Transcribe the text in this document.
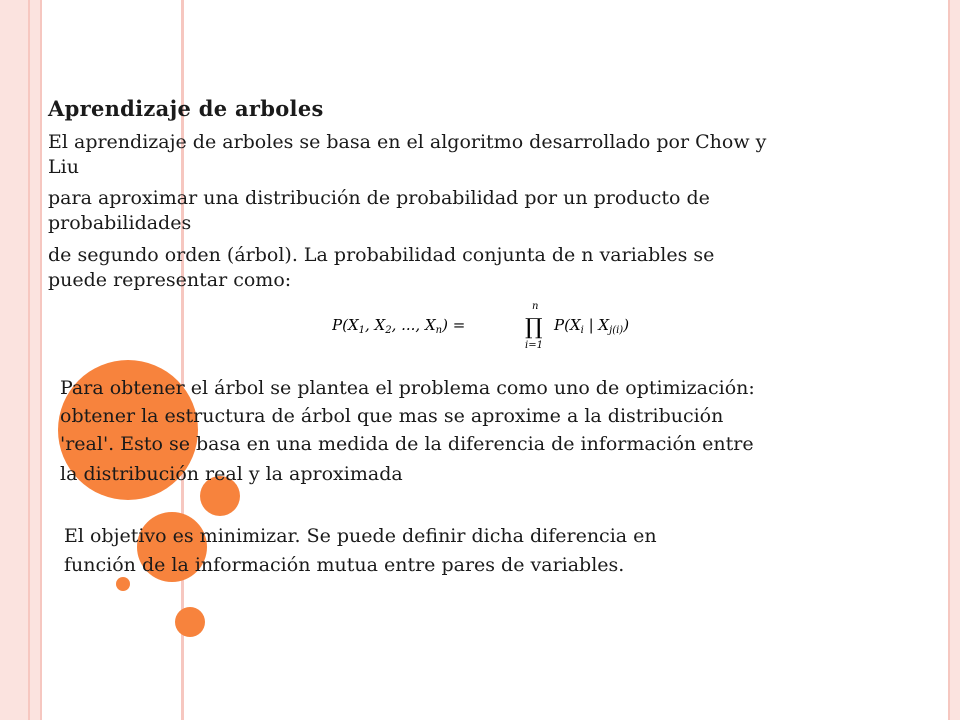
Aprendizaje de arboles
El aprendizaje de arboles se basa en el algoritmo desarrollado por Chow y
Liu
para aproximar una distribución de probabilidad por un producto de
probabilidades
de segundo orden (árbol). La probabilidad conjunta de n variables se
puede representar como:
$P(X_1$, $X_2$, ..., $X_n$) =
n
∏
i=1
$P(X_i$ | $X_{j(i)}$)
Para obtener el árbol se plantea el problema como uno de optimización:
obtener la estructura de árbol que mas se aproxime a la distribución
'real'. Esto se basa en una medida de la diferencia de información entre
la distribución real y la aproximada
El objetivo es minimizar. Se puede definir dicha diferencia en
función de la información mutua entre pares de variables.
